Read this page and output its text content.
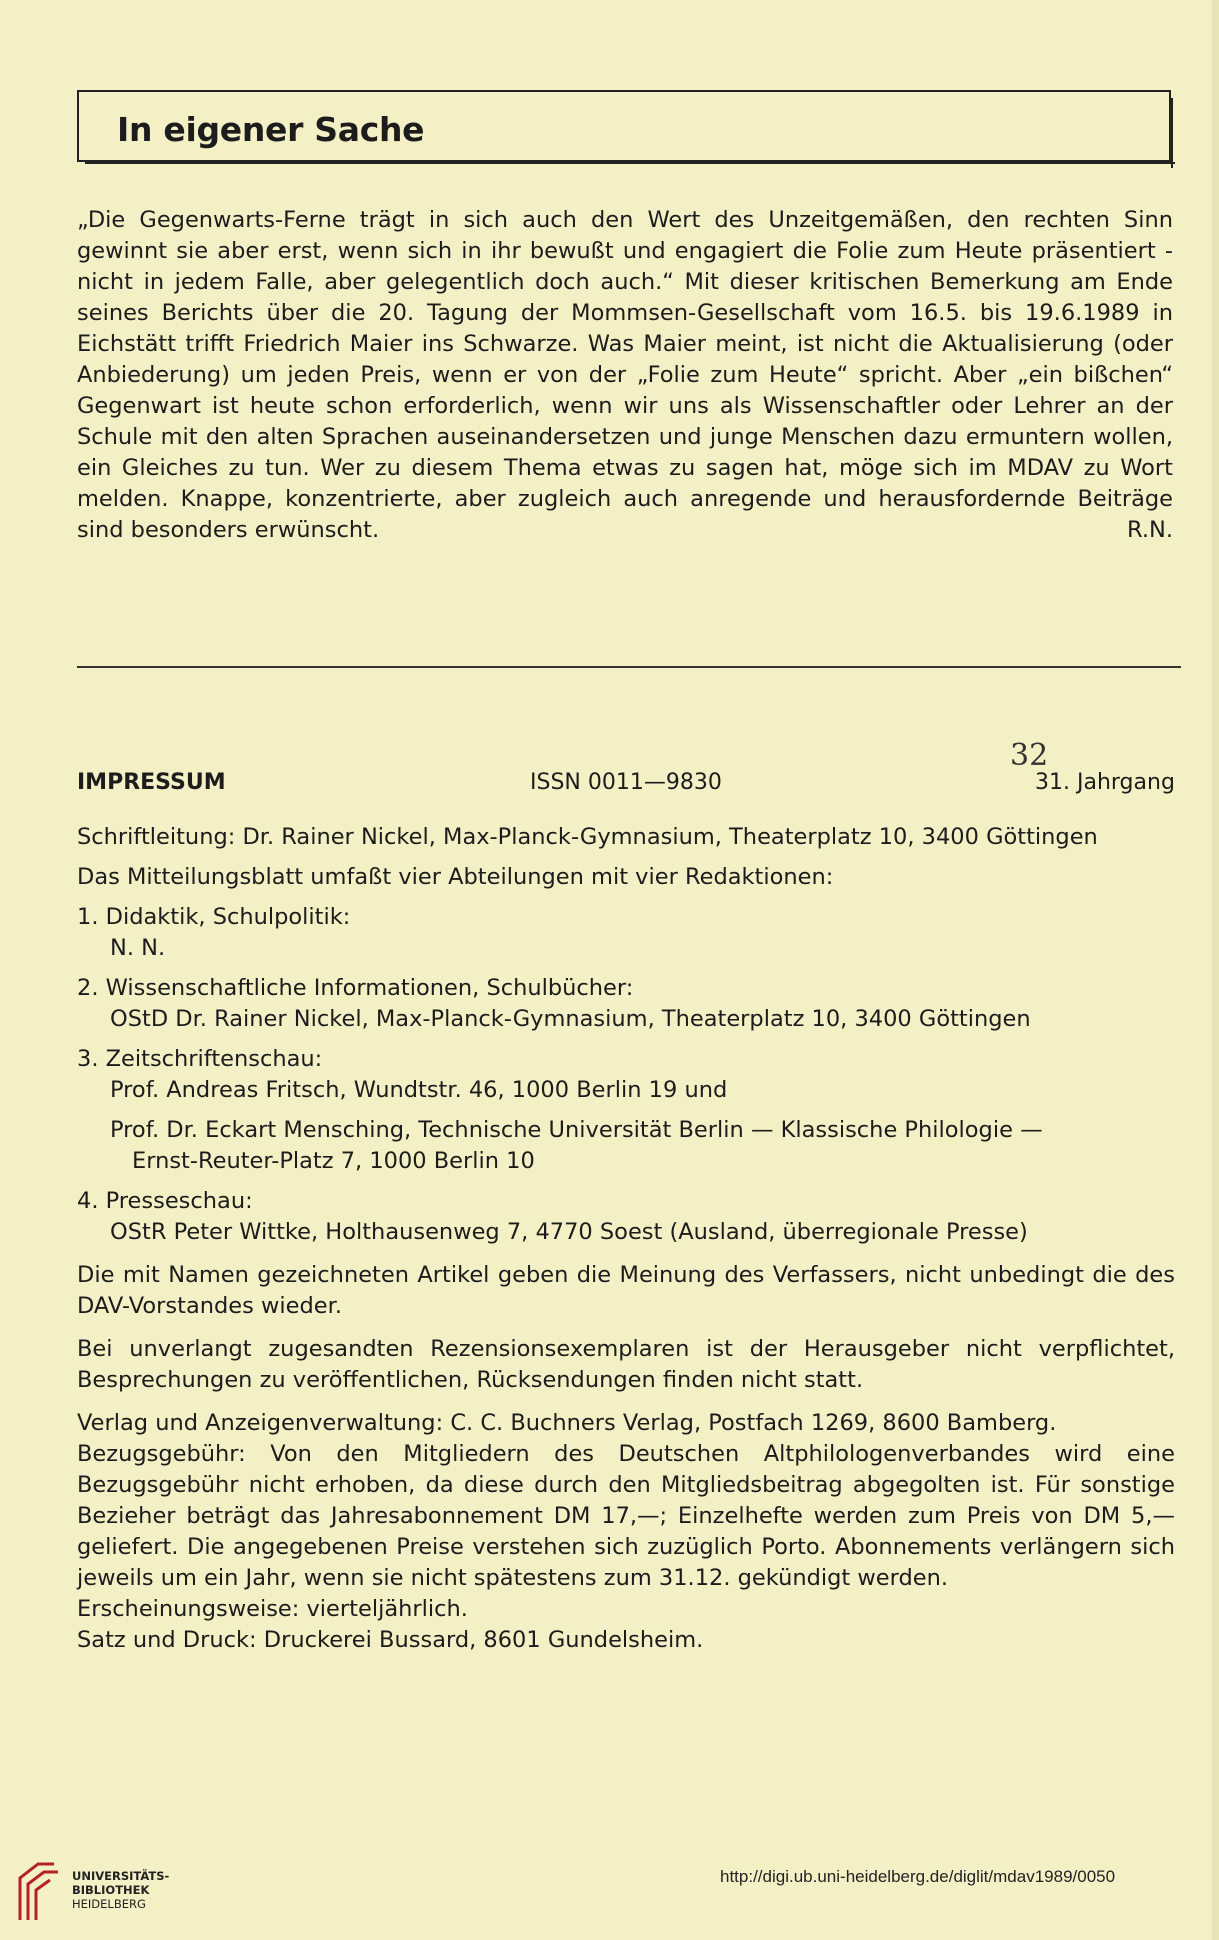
In eigener Sache
„Die Gegenwarts-Ferne trägt in sich auch den Wert des Unzeitgemäßen, den rechten Sinn gewinnt sie aber erst, wenn sich in ihr bewußt und engagiert die Folie zum Heute präsentiert - nicht in jedem Falle, aber gelegentlich doch auch.“ Mit dieser kritischen Bemerkung am Ende seines Berichts über die 20. Tagung der Mommsen-Gesellschaft vom 16.5. bis 19.6.1989 in Eichstätt trifft Friedrich Maier ins Schwarze. Was Maier meint, ist nicht die Aktualisierung (oder Anbiederung) um jeden Preis, wenn er von der „Folie zum Heute“ spricht. Aber „ein bißchen“ Gegenwart ist heute schon erforderlich, wenn wir uns als Wissenschaftler oder Lehrer an der Schule mit den alten Sprachen auseinandersetzen und junge Menschen dazu ermuntern wollen, ein Gleiches zu tun. Wer zu diesem Thema etwas zu sagen hat, möge sich im MDAV zu Wort melden. Knappe, konzentrierte, aber zugleich auch anregende und herausfordernde Beiträge sind besonders erwünscht.	R.N.
IMPRESSUM	ISSN 0011—9830
32
31. Jahrgang

Schriftleitung: Dr. Rainer Nickel, Max-Planck-Gymnasium, Theaterplatz 10, 3400 Göttingen

Das Mitteilungsblatt umfaßt vier Abteilungen mit vier Redaktionen:

1. Didaktik, Schulpolitik:

N. N.

2. Wissenschaftliche Informationen, Schulbücher:

OStD Dr. Rainer Nickel, Max-Planck-Gymnasium, Theaterplatz 10, 3400 Göttingen

3. Zeitschriftenschau:

Prof. Andreas Fritsch, Wundtstr. 46, 1000 Berlin 19 und

Prof. Dr. Eckart Mensching, Technische Universität Berlin — Klassische Philologie —

Ernst-Reuter-Platz 7, 1000 Berlin 10

4. Presseschau:

OStR Peter Wittke, Holthausenweg 7, 4770 Soest (Ausland, überregionale Presse)

Die mit Namen gezeichneten Artikel geben die Meinung des Verfassers, nicht unbedingt die des DAV-Vorstandes wieder.

Bei unverlangt zugesandten Rezensionsexemplaren ist der Herausgeber nicht verpflichtet, Besprechungen zu veröffentlichen, Rücksendungen finden nicht statt.

Verlag und Anzeigenverwaltung: C. C. Buchners Verlag, Postfach 1269, 8600 Bamberg.

Bezugsgebühr: Von den Mitgliedern des Deutschen Altphilologenverbandes wird eine Bezugsgebühr nicht erhoben, da diese durch den Mitgliedsbeitrag abgegolten ist. Für sonstige Bezieher beträgt das Jahresabonnement DM 17,—; Einzelhefte werden zum Preis von DM 5,— geliefert. Die angegebenen Preise verstehen sich zuzüglich Porto. Abonnements verlängern sich jeweils um ein Jahr, wenn sie nicht spätestens zum 31.12. gekündigt werden.

Erscheinungsweise: vierteljährlich.

Satz und Druck: Druckerei Bussard, 8601 Gundelsheim.

UNIVERSITÄTS-
BIBLIOTHEK
HEIDELBERG
http://digi.ub.uni-heidelberg.de/diglit/mdav1989/0050
